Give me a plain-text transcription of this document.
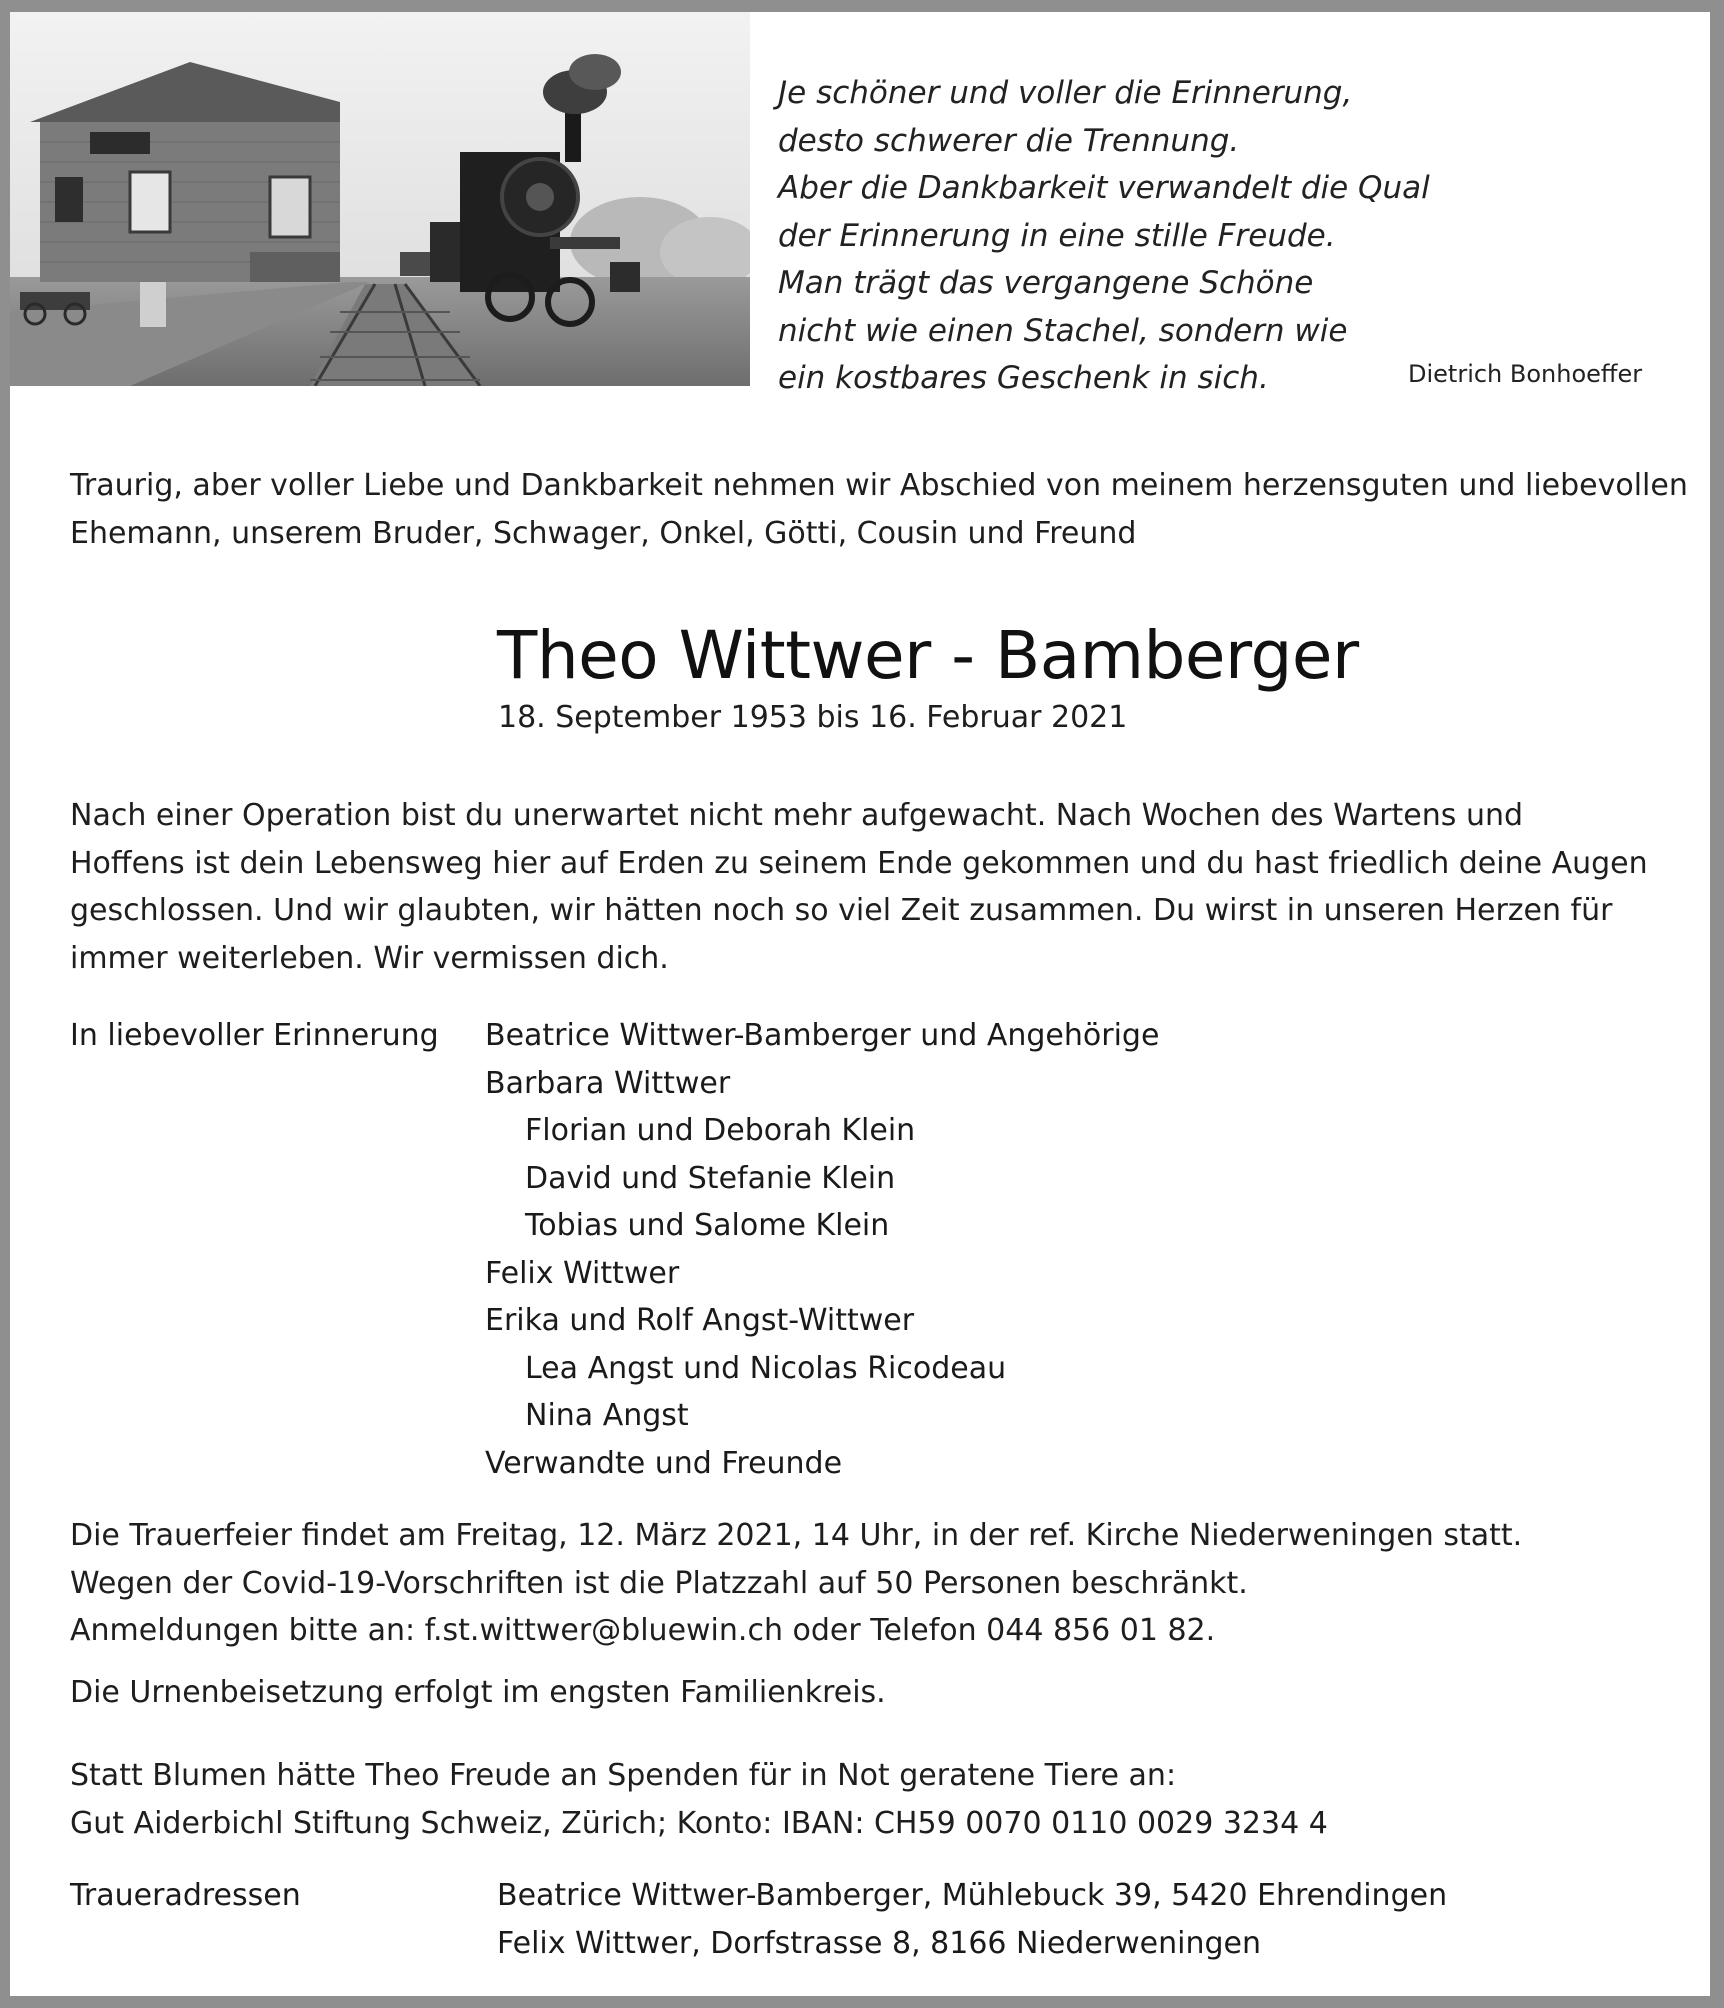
Je schöner und voller die Erinnerung,
desto schwerer die Trennung.
Aber die Dankbarkeit verwandelt die Qual
der Erinnerung in eine stille Freude.
Man trägt das vergangene Schöne
nicht wie einen Stachel, sondern wie
ein kostbares Geschenk in sich.	Dietrich Bonhoeffer
Traurig, aber voller Liebe und Dankbarkeit nehmen wir Abschied von meinem herzensguten und liebevollen
Ehemann, unserem Bruder, Schwager, Onkel, Götti, Cousin und Freund
Theo Wittwer - Bamberger
18. September 1953 bis 16. Februar 2021
Nach einer Operation bist du unerwartet nicht mehr aufgewacht. Nach Wochen des Wartens und
Hoffens ist dein Lebensweg hier auf Erden zu seinem Ende gekommen und du hast friedlich deine Augen
geschlossen. Und wir glaubten, wir hätten noch so viel Zeit zusammen. Du wirst in unseren Herzen für
immer weiterleben. Wir vermissen dich.
In liebevoller Erinnerung Beatrice Wittwer-Bamberger und Angehörige
Barbara Wittwer
Florian und Deborah Klein
David und Stefanie Klein
Tobias und Salome Klein
Felix Wittwer
Erika und Rolf Angst-Wittwer
Lea Angst und Nicolas Ricodeau
Nina Angst
Verwandte und Freunde
Die Trauerfeier findet am Freitag, 12. März 2021, 14 Uhr, in der ref. Kirche Niederweningen statt.
Wegen der Covid-19-Vorschriften ist die Platzzahl auf 50 Personen beschränkt.
Anmeldungen bitte an: f.st.wittwer@bluewin.ch oder Telefon 044 856 01 82.
Die Urnenbeisetzung erfolgt im engsten Familienkreis.
Statt Blumen hätte Theo Freude an Spenden für in Not geratene Tiere an:
Gut Aiderbichl Stiftung Schweiz, Zürich; Konto: IBAN: CH59 0070 0110 0029 3234 4
Traueradressen	Beatrice Wittwer-Bamberger, Mühlebuck 39, 5420 Ehrendingen
Felix Wittwer, Dorfstrasse 8, 8166 Niederweningen
